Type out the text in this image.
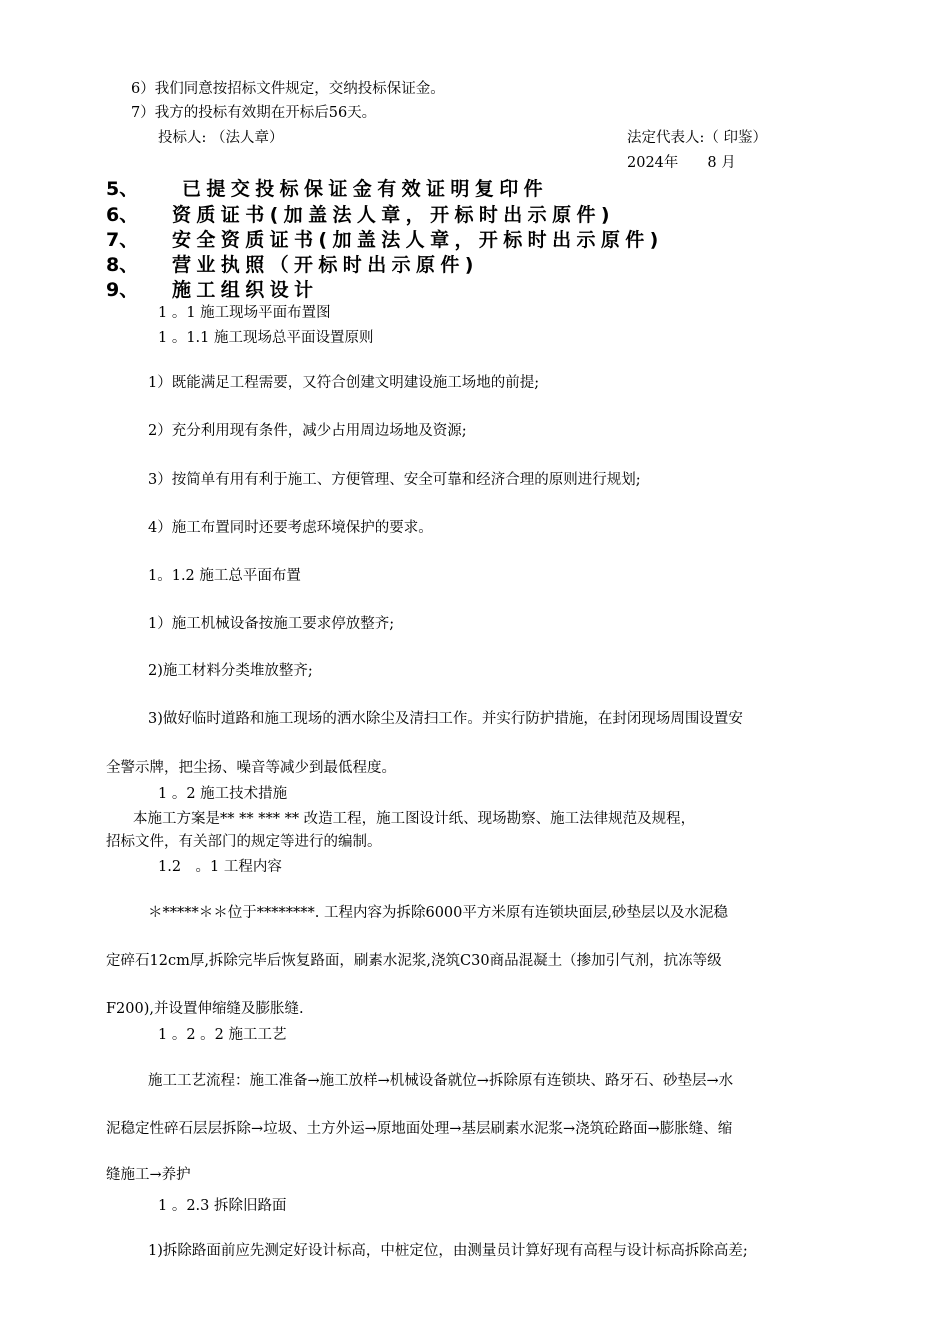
6）我们同意按招标文件规定，交纳投标保证金。
7）我方的投标有效期在开标后56天。
投标人: （法人章）	法定代表人:（ 印鉴）
2024年　　8 月
5、 已提交投标保证金有效证明复印件
6、 资质证书(加盖法人章，开标时出示原件)
7、 安全资质证书(加盖法人章，开标时出示原件)
8、 营业执照（开标时出示原件)
9、 施工组织设计
1 。1 施工现场平面布置图
1 。1.1 施工现场总平面设置原则
1）既能满足工程需要，又符合创建文明建设施工场地的前提;
2）充分利用现有条件，减少占用周边场地及资源;
3）按简单有用有利于施工、方便管理、安全可靠和经济合理的原则进行规划;
4）施工布置同时还要考虑环境保护的要求。
1。1.2 施工总平面布置
1）施工机械设备按施工要求停放整齐;
2)施工材料分类堆放整齐;
3)做好临时道路和施工现场的洒水除尘及清扫工作。并实行防护措施，在封闭现场周围设置安
全警示牌，把尘扬、噪音等减少到最低程度。
1 。2 施工技术措施
本施工方案是** ** *** ** 改造工程，施工图设计纸、现场勘察、施工法律规范及规程，
招标文件，有关部门的规定等进行的编制。
1.2　。1 工程内容
＊*****＊＊位于********. 工程内容为拆除6000平方米原有连锁块面层,砂垫层以及水泥稳
定碎石12cm厚,拆除完毕后恢复路面，刷素水泥浆,浇筑C30商品混凝土（掺加引气剂，抗冻等级
F200),并设置伸缩缝及膨胀缝.
1 。2 。2 施工工艺
施工工艺流程：施工准备→施工放样→机械设备就位→拆除原有连锁块、路牙石、砂垫层→水
泥稳定性碎石层层拆除→垃圾、土方外运→原地面处理→基层刷素水泥浆→浇筑砼路面→膨胀缝、缩
缝施工→养护
1 。2.3 拆除旧路面
1)拆除路面前应先测定好设计标高，中桩定位，由测量员计算好现有高程与设计标高拆除高差;
